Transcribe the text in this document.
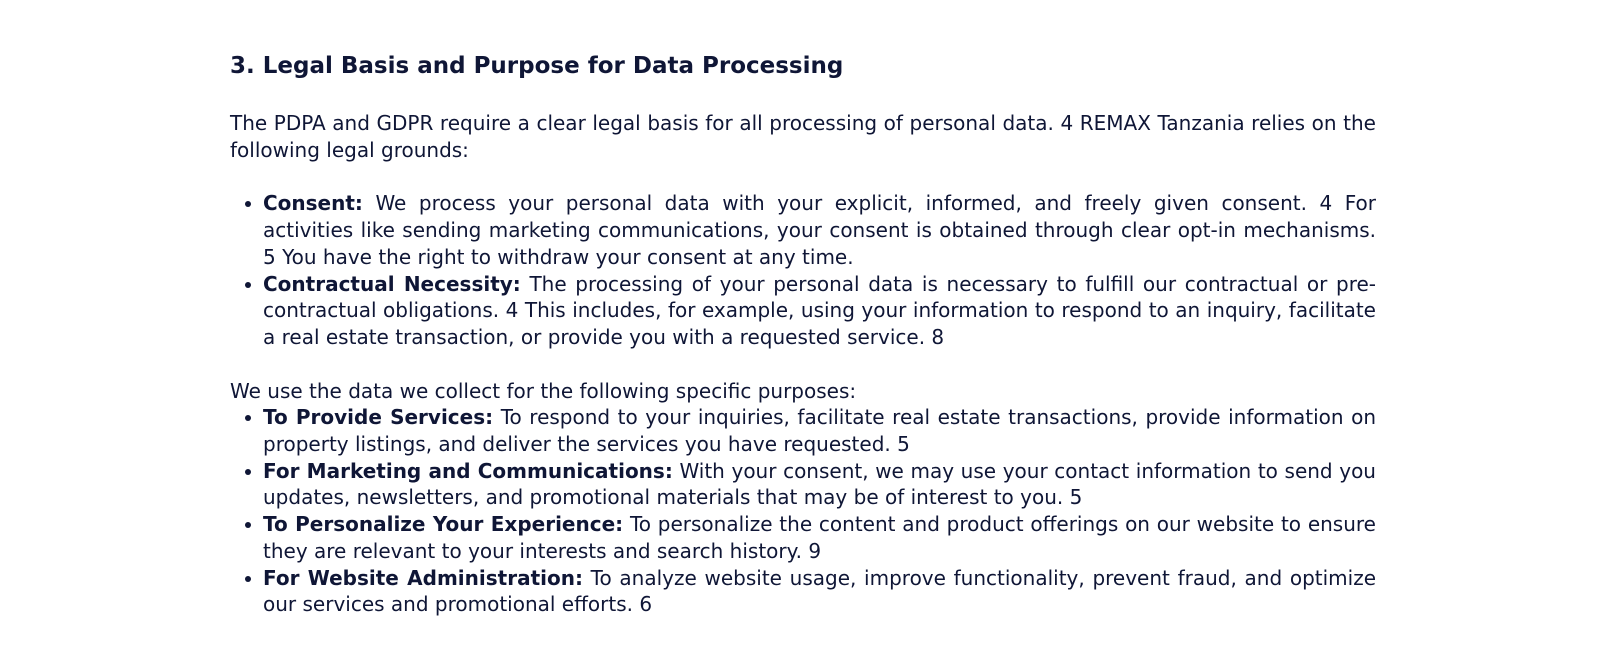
3. Legal Basis and Purpose for Data Processing

The PDPA and GDPR require a clear legal basis for all processing of personal data. 4 REMAX Tanzania relies on the following legal grounds:

Consent: We process your personal data with your explicit, informed, and freely given consent. 4 For activities like sending marketing communications, your consent is obtained through clear opt-in mechanisms. 5 You have the right to withdraw your consent at any time.
Contractual Necessity: The processing of your personal data is necessary to fulfill our contractual or pre-contractual obligations. 4 This includes, for example, using your information to respond to an inquiry, facilitate a real estate transaction, or provide you with a requested service. 8

We use the data we collect for the following specific purposes:

To Provide Services: To respond to your inquiries, facilitate real estate transactions, provide information on property listings, and deliver the services you have requested. 5
For Marketing and Communications: With your consent, we may use your contact information to send you updates, newsletters, and promotional materials that may be of interest to you. 5
To Personalize Your Experience: To personalize the content and product offerings on our website to ensure they are relevant to your interests and search history. 9
For Website Administration: To analyze website usage, improve functionality, prevent fraud, and optimize our services and promotional efforts. 6
